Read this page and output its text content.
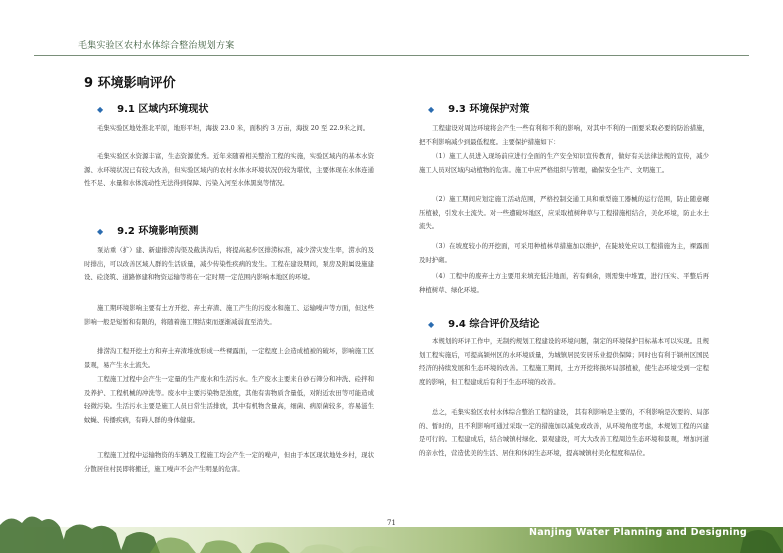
毛集实验区农村水体综合整治规划方案
9 环境影响评价
◆ 9.1 区域内环境现状

毛集实验区地处淮北平原，地形平坦，海拔 23.0 米，面积约 3 万亩，海拔 20 至 22.9米之间。

毛集实验区水资源丰富，生态资源优秀。近年来随着相关整治工程的实施，实验区域内的基本水资源、水环境状况已有较大改善，但实验区域内的农村水体水环境状况仍较为堪忧，主要体现在水体连通性不足、水量和水体流动性无法得到保障、污染入河至水体黑臭等情况。

◆ 9.2 环境影响预测

泵站重（扩）建、新建排涝沟渠及截洪沟后，将提高起步区排涝标准，减少涝灾发生率，涝水的及时排出，可以改善区域人群的生活质量，减少传染性疾病的发生。工程在建设期间，泵房及附属设施建设、砼浇筑、道路修建和物资运输等将在一定时期一定范围内影响本地区的环境。

施工期环境影响主要有土方开挖、弃土弃渣、施工产生的污废水和施工、运输噪声等方面，但这些影响一般是短暂和有限的，将随着施工期结束而逐渐减弱直至消失。

排涝沟工程开挖土方和弃土弃渣堆放形成一些裸露面，一定程度上会造成植被的破坏，影响施工区景观，易产生水土流失。

工程施工过程中会产生一定量的生产废水和生活污水。生产废水主要来自砂石筛分和冲洗、砼拌和及养护、工程机械的冲洗等。废水中主要污染物是浊度，其他有害物质含量低，对附近农田等可能造成轻微污染。生活污水主要是施工人员日常生活排放，其中有机物含量高，细菌、病原菌较多，容易滋生蚊蝇、传播疾病，有碍人群的身体健康。

工程施工过程中运输物资的车辆及工程施工均会产生一定的噪声，但由于本区现状地处乡村，现状分散居住村民即将搬迁，施工噪声不会产生明显的危害。

◆ 9.3 环境保护对策

工程建设对周边环境将会产生一些有利和不利的影响，对其中不利的一面要采取必要的防治措施，把不利影响减少到最低程度。主要保护措施如下：

（1）施工人员进入现场前应进行全面的生产安全知识宣传教育，做好有关法律法规的宣传，减少施工人员对区域内动植物的危害。施工中应严格组织与管理，确保安全生产、文明施工。

（2）施工期间应划定施工活动范围，严格控制交通工具和重型施工器械的运行范围，防止随意碾压植被，引发水土流失。对一些遭破坏地区，应采取植树种草与工程措施相结合，美化环境，防止水土流失。

（3）在坡度较小的开挖面，可采用种植林草措施加以维护，在陡坡处应以工程措施为主，裸露面及时护砌。

（4）工程中的废弃土方主要用来填充低洼地面，若有剩余，则需集中堆置，进行压实、平整后再种植树草、绿化环境。

◆ 9.4 综合评价及结论

本规划的环评工作中，无制约规划工程建设的环境问题，制定的环境保护目标基本可以实现。且规划工程实施后，可提高颍州区的水环境质量，为城镇居民安居乐业提供保障；同时也有利于颍州区国民经济的持续发展和生态环境的改善。工程施工期间，土方开挖将损坏局部植被，使生态环境受到一定程度的影响，但工程建成后有利于生态环境的改善。

总之，毛集实验区农村水体综合整治工程的建设， 其有利影响是主要的，不利影响是次要的、局部的、暂时的，且不利影响可通过采取一定的措施加以减免或改善，从环境角度考虑，本规划工程的兴建是可行的。工程建成后，结合城镇村绿化、景观建设，可大大改善工程周边生态环境和景观，增加河道的亲水性，营造优美的生活、居住和休闲生态环境，提高城镇村美化程度和品位。

71	南京市水利规划设计院股份有限公司
Nanjing Water Planning and Designing
